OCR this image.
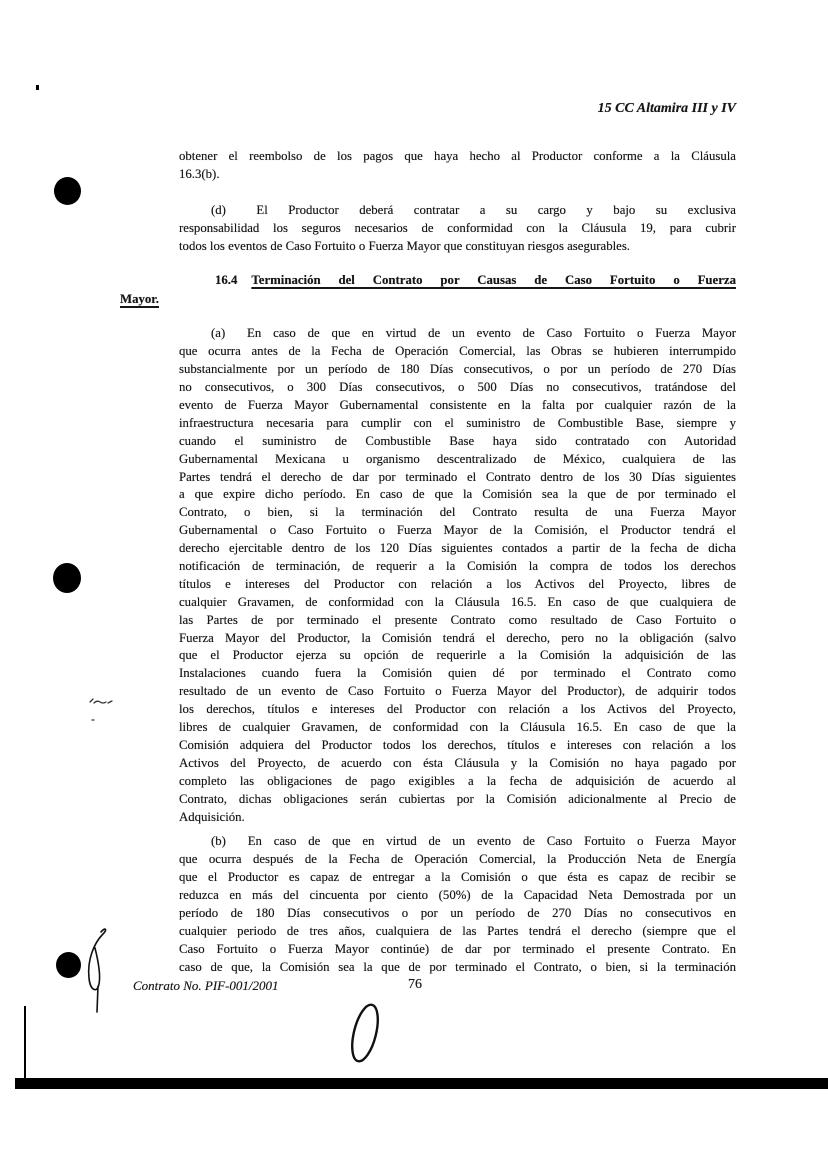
15 CC Altamira III y IV
obtener el reembolso de los pagos que haya hecho al Productor conforme a la Cláusula
16.3(b).
(d) El Productor deberá contratar a su cargo y bajo su exclusiva
responsabilidad los seguros necesarios de conformidad con la Cláusula 19, para cubrir
todos los eventos de Caso Fortuito o Fuerza Mayor que constituyan riesgos asegurables.
16.4 Terminación del Contrato por Causas de Caso Fortuito o Fuerza
Mayor.
(a) En caso de que en virtud de un evento de Caso Fortuito o Fuerza Mayor
que ocurra antes de la Fecha de Operación Comercial, las Obras se hubieren interrumpido
substancialmente por un período de 180 Días consecutivos, o por un período de 270 Días
no consecutivos, o 300 Días consecutivos, o 500 Días no consecutivos, tratándose del
evento de Fuerza Mayor Gubernamental consistente en la falta por cualquier razón de la
infraestructura necesaria para cumplir con el suministro de Combustible Base, siempre y
cuando el suministro de Combustible Base haya sido contratado con Autoridad
Gubernamental Mexicana u organismo descentralizado de México, cualquiera de las
Partes tendrá el derecho de dar por terminado el Contrato dentro de los 30 Días siguientes
a que expire dicho período. En caso de que la Comisión sea la que de por terminado el
Contrato, o bien, si la terminación del Contrato resulta de una Fuerza Mayor
Gubernamental o Caso Fortuito o Fuerza Mayor de la Comisión, el Productor tendrá el
derecho ejercitable dentro de los 120 Días siguientes contados a partir de la fecha de dicha
notificación de terminación, de requerir a la Comisión la compra de todos los derechos
títulos e intereses del Productor con relación a los Activos del Proyecto, libres de
cualquier Gravamen, de conformidad con la Cláusula 16.5. En caso de que cualquiera de
las Partes de por terminado el presente Contrato como resultado de Caso Fortuito o
Fuerza Mayor del Productor, la Comisión tendrá el derecho, pero no la obligación (salvo
que el Productor ejerza su opción de requerirle a la Comisión la adquisición de las
Instalaciones cuando fuera la Comisión quien dé por terminado el Contrato como
resultado de un evento de Caso Fortuito o Fuerza Mayor del Productor), de adquirir todos
los derechos, títulos e intereses del Productor con relación a los Activos del Proyecto,
libres de cualquier Gravamen, de conformidad con la Cláusula 16.5. En caso de que la
Comisión adquiera del Productor todos los derechos, títulos e intereses con relación a los
Activos del Proyecto, de acuerdo con ésta Cláusula y la Comisión no haya pagado por
completo las obligaciones de pago exigibles a la fecha de adquisición de acuerdo al
Contrato, dichas obligaciones serán cubiertas por la Comisión adicionalmente al Precio de
Adquisición.
(b) En caso de que en virtud de un evento de Caso Fortuito o Fuerza Mayor
que ocurra después de la Fecha de Operación Comercial, la Producción Neta de Energía
que el Productor es capaz de entregar a la Comisión o que ésta es capaz de recibir se
reduzca en más del cincuenta por ciento (50%) de la Capacidad Neta Demostrada por un
período de 180 Días consecutivos o por un período de 270 Días no consecutivos en
cualquier periodo de tres años, cualquiera de las Partes tendrá el derecho (siempre que el
Caso Fortuito o Fuerza Mayor continúe) de dar por terminado el presente Contrato. En
caso de que, la Comisión sea la que de por terminado el Contrato, o bien, si la terminación
Contrato No. PIF-001/2001	76
